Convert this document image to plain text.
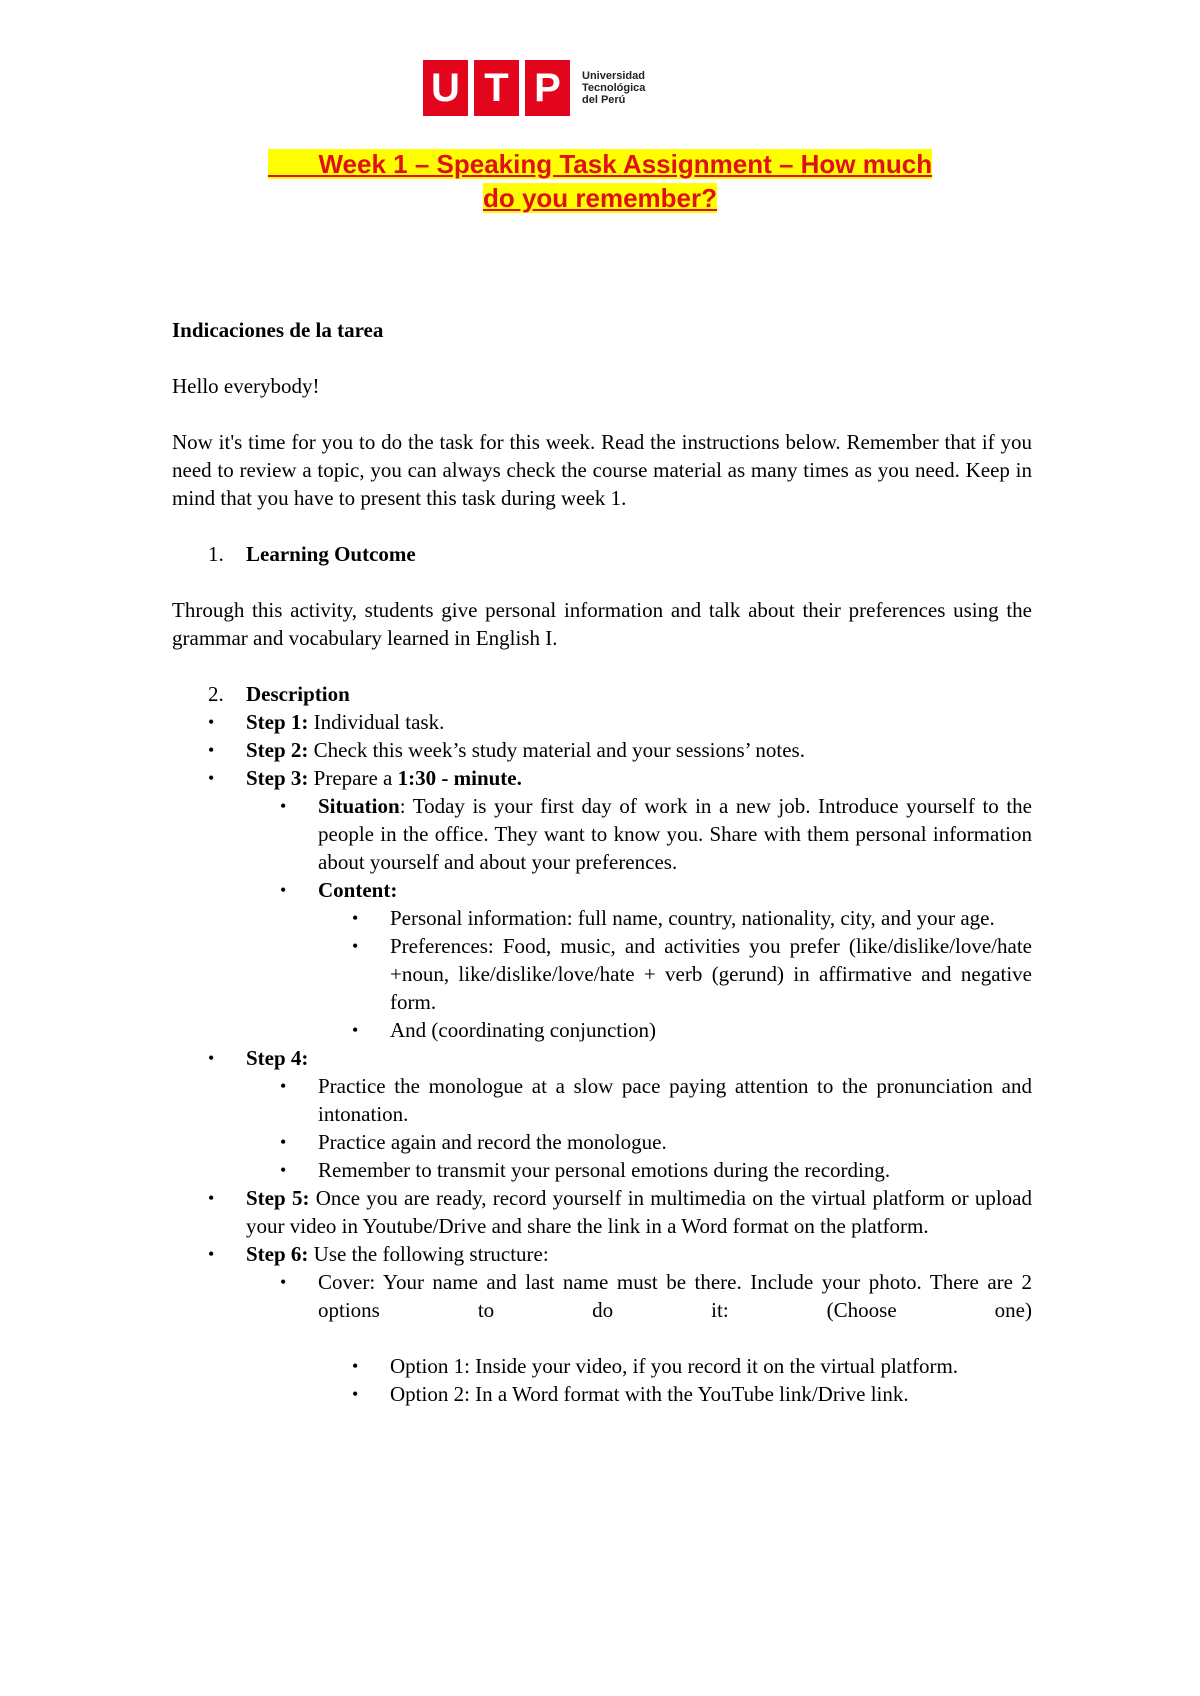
U T P	Universidad
Tecnológica
del Perú
Week 1 – Speaking Task Assignment – How much
do you remember?

Indicaciones de la tarea

Hello everybody!

Now it's time for you to do the task for this week. Read the instructions below. Remember that if you need to review a topic, you can always check the course material as many times as you need. Keep in mind that you have to present this task during week 1.

1.	Learning Outcome

Through this activity, students give personal information and talk about their preferences using the grammar and vocabulary learned in English I.

2.	Description
• Step 1: Individual task.
• Step 2: Check this week’s study material and your sessions’ notes.
• Step 3: Prepare a 1:30 - minute.
• Situation: Today is your first day of work in a new job. Introduce yourself to the people in the office. They want to know you. Share with them personal information about yourself and about your preferences.
• Content:
• Personal information: full name, country, nationality, city, and your age.
• Preferences: Food, music, and activities you prefer (like/dislike/love/hate +noun, like/dislike/love/hate + verb (gerund) in affirmative and negative form.
• And (coordinating conjunction)
• Step 4:
• Practice the monologue at a slow pace paying attention to the pronunciation and intonation.
• Practice again and record the monologue.
• Remember to transmit your personal emotions during the recording.
• Step 5: Once you are ready, record yourself in multimedia on the virtual platform or upload your video in Youtube/Drive and share the link in a Word format on the platform.
• Step 6: Use the following structure:
• Cover: Your name and last name must be there. Include your photo. There are 2 options to do it: (Choose one)
• Option 1: Inside your video, if you record it on the virtual platform.
• Option 2: In a Word format with the YouTube link/Drive link.
